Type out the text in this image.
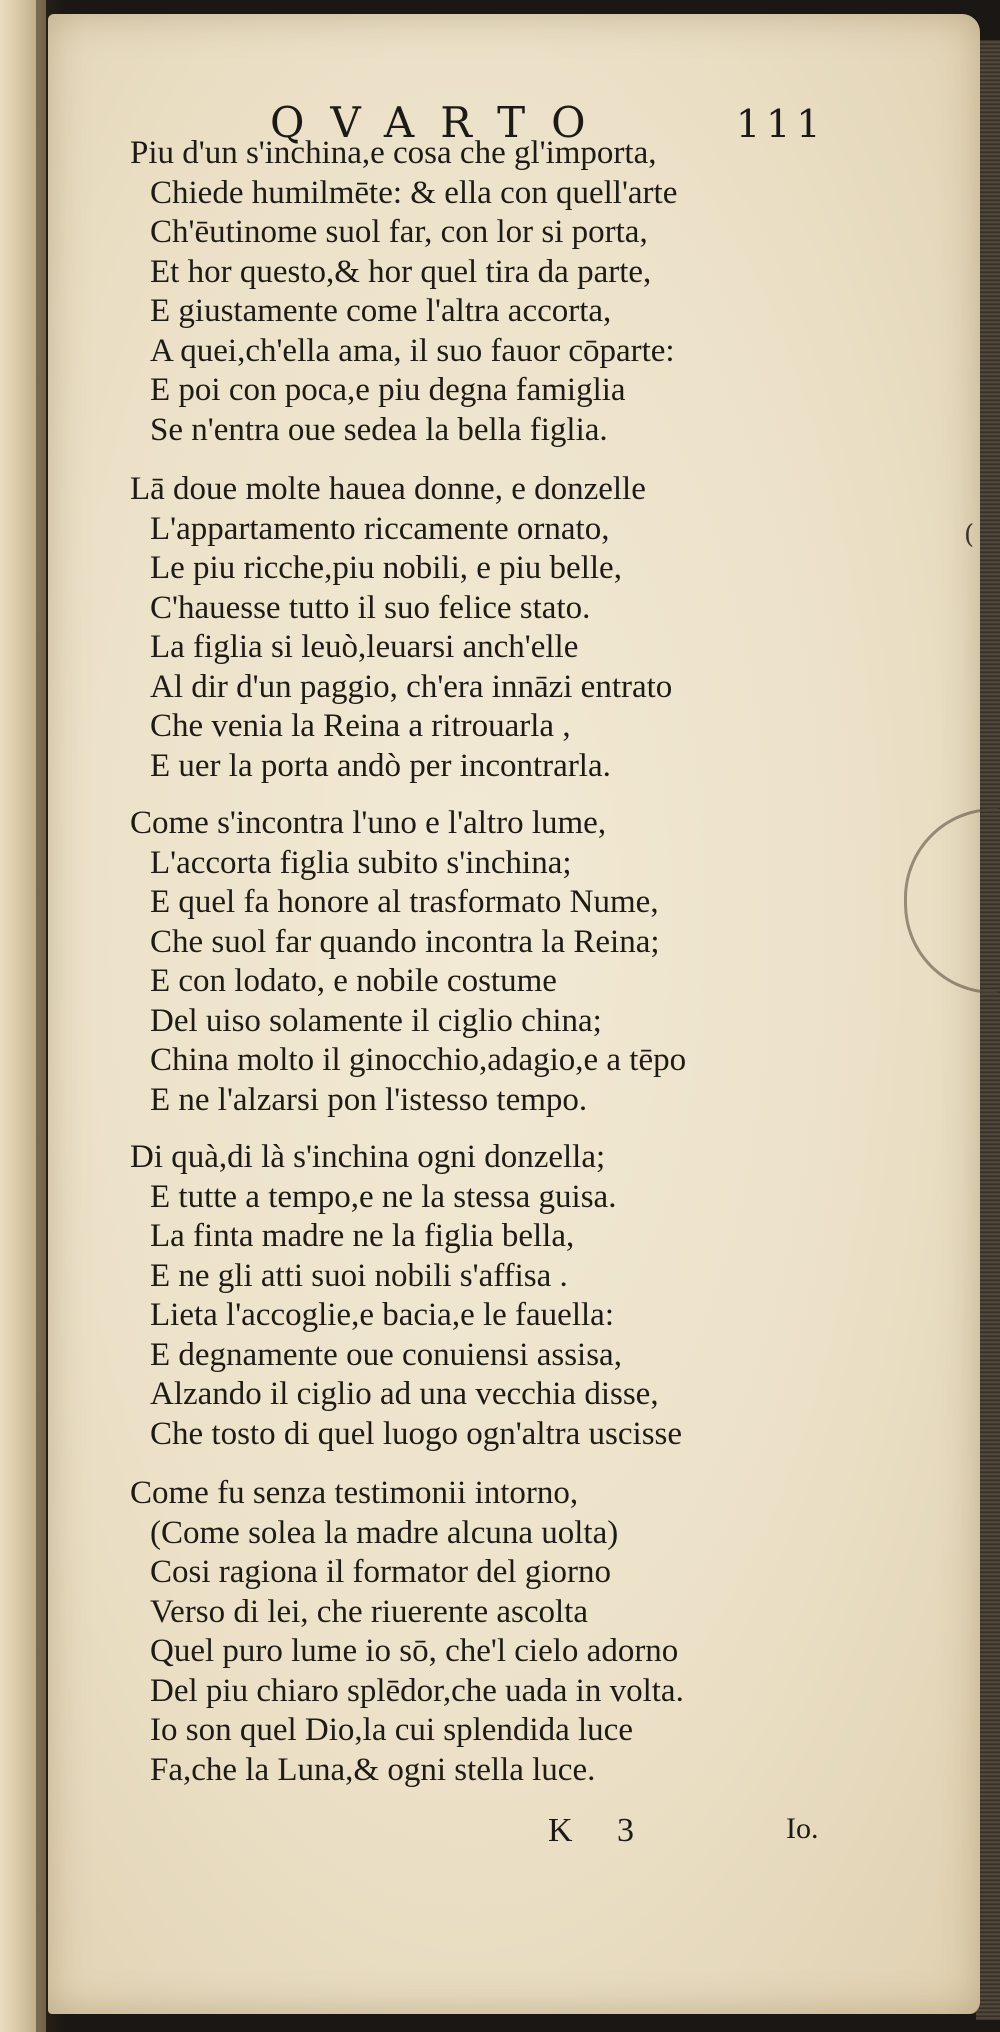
(
QVARTO	111
Piu d'un s'inchina,e cosa che gl'importa,
Chiede humilmēte: & ella con quell'arte
Ch'ēutinome suol far, con lor si porta,
Et hor questo,& hor quel tira da parte,
E giustamente come l'altra accorta,
A quei,ch'ella ama, il suo fauor cōparte:
E poi con poca,e piu degna famiglia
Se n'entra oue sedea la bella figlia.
Lā doue molte hauea donne, e donzelle
L'appartamento riccamente ornato,
Le piu ricche,piu nobili, e piu belle,
C'hauesse tutto il suo felice stato.
La figlia si leuò,leuarsi anch'elle
Al dir d'un paggio, ch'era innāzi entrato
Che venia la Reina a ritrouarla ,
E uer la porta andò per incontrarla.
Come s'incontra l'uno e l'altro lume,
L'accorta figlia subito s'inchina;
E quel fa honore al trasformato Nume,
Che suol far quando incontra la Reina;
E con lodato, e nobile costume
Del uiso solamente il ciglio china;
China molto il ginocchio,adagio,e a tēpo
E ne l'alzarsi pon l'istesso tempo.
Di quà,di là s'inchina ogni donzella;
E tutte a tempo,e ne la stessa guisa.
La finta madre ne la figlia bella,
E ne gli atti suoi nobili s'affisa .
Lieta l'accoglie,e bacia,e le fauella:
E degnamente oue conuiensi assisa,
Alzando il ciglio ad una vecchia disse,
Che tosto di quel luogo ogn'altra uscisse
Come fu senza testimonii intorno,
(Come solea la madre alcuna uolta)
Cosi ragiona il formator del giorno
Verso di lei, che riuerente ascolta
Quel puro lume io sō, che'l cielo adorno
Del piu chiaro splēdor,che uada in volta.
Io son quel Dio,la cui splendida luce
Fa,che la Luna,& ogni stella luce.
K 3	Io.
